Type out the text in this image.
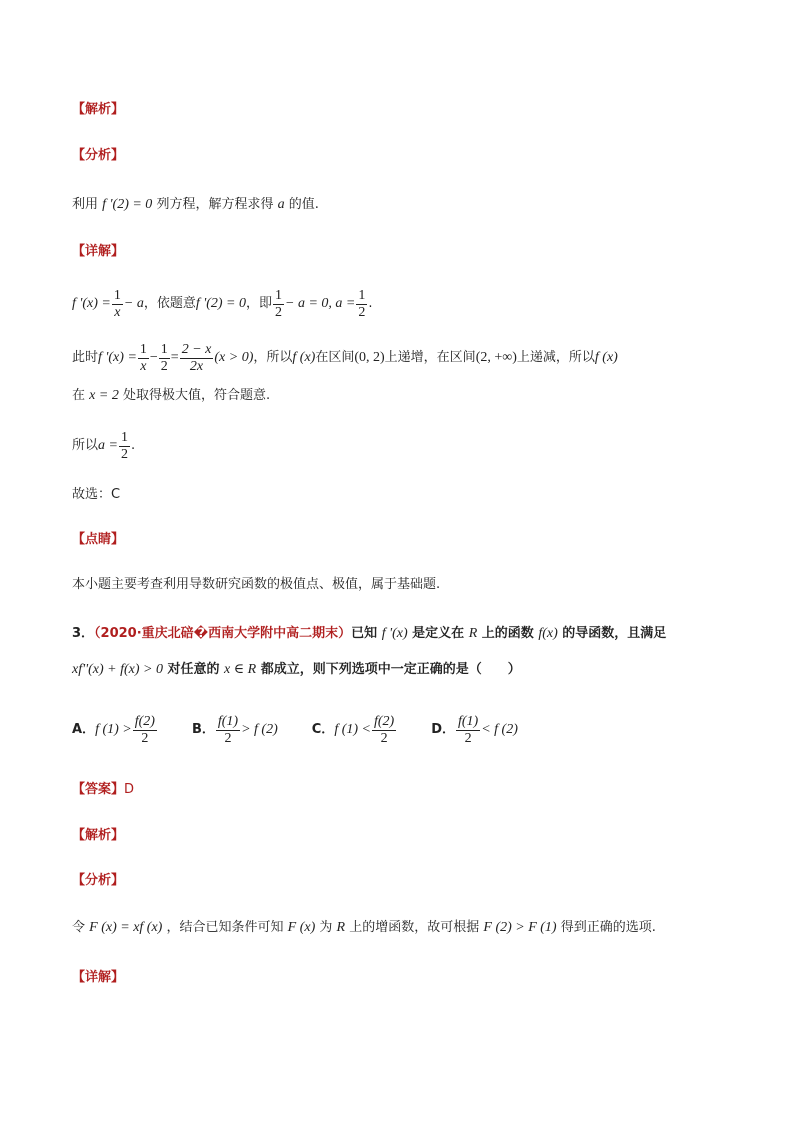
【解析】
【分析】
利用 f '(2) = 0 列方程，解方程求得 a 的值.
【详解】
f '$(x) = \frac{1}{x} - a$ ，依题意 f '(2) = 0 ，即 $\frac{1}{2} - a = 0$, $a = \frac{1}{2}$ .
此时 f '$(x) = \frac{1}{x} - \frac{1}{2} = \frac{2 - x}{2x} (x > 0)$ ，所以 f (x) 在区间 (0, 2) 上递增，在区间 (2, +∞) 上递减，所以 f (x)
在 x = 2 处取得极大值，符合题意.
所以 $a = \frac{1}{2}$ .
故选：C
【点睛】
本小题主要考查利用导数研究函数的极值点、极值，属于基础题.
3．（2020·重庆北碚�西南大学附中高二期末）已知 f '(x) 是定义在 R 上的函数 f(x) 的导函数，且满足
xf''(x) + f(x) > 0 对任意的 x ∈ R 都成立，则下列选项中一定正确的是（　　）
A． f $(1) > \frac{f(2)}{2}$	B． $\frac{f(1)}{2} > f$ (2)	C． f $(1) < \frac{f(2)}{2}$	D． $\frac{f(1)}{2} < f$ (2)
【答案】D
【解析】
【分析】
令 F (x) = xf (x) ，结合已知条件可知 F (x) 为 R 上的增函数，故可根据 F (2) > F (1) 得到正确的选项.
【详解】
